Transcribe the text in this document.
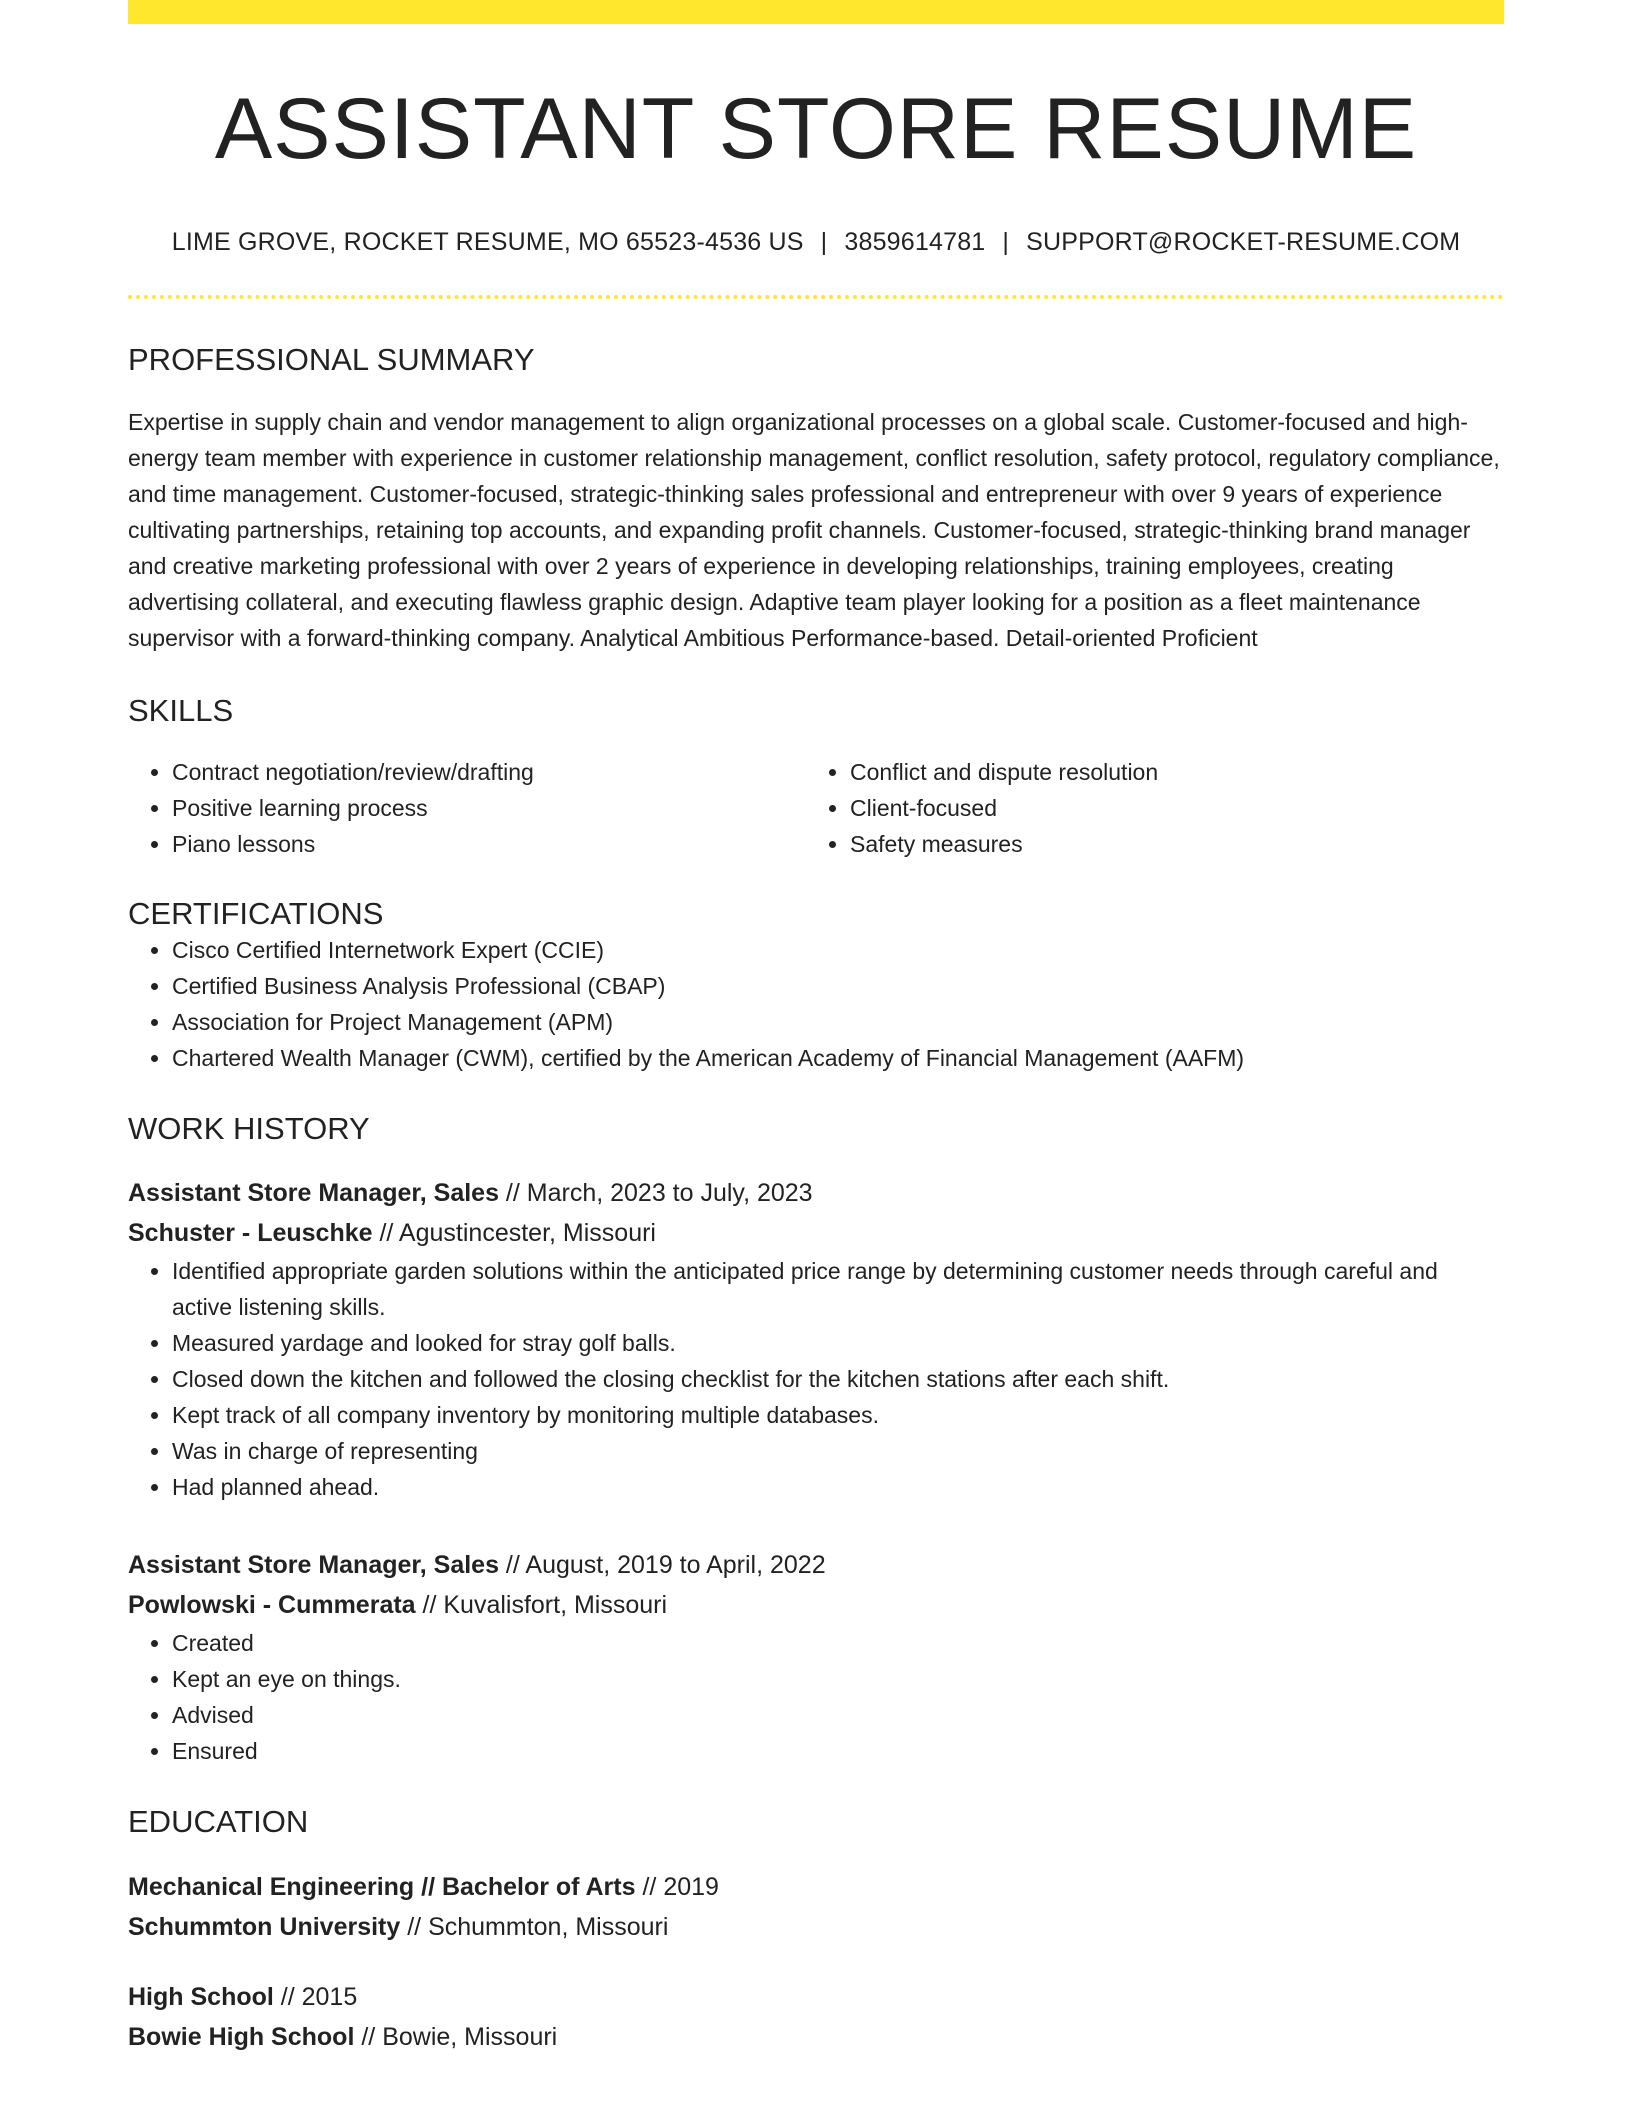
ASSISTANT STORE RESUME
LIME GROVE, ROCKET RESUME, MO 65523-4536 US | 3859614781 | SUPPORT@ROCKET-RESUME.COM
PROFESSIONAL SUMMARY

Expertise in supply chain and vendor management to align organizational processes on a global scale. Customer-focused and high-energy team member with experience in customer relationship management, conflict resolution, safety protocol, regulatory compliance, and time management. Customer-focused, strategic-thinking sales professional and entrepreneur with over 9 years of experience cultivating partnerships, retaining top accounts, and expanding profit channels. Customer-focused, strategic-thinking brand manager and creative marketing professional with over 2 years of experience in developing relationships, training employees, creating advertising collateral, and executing flawless graphic design. Adaptive team player looking for a position as a fleet maintenance supervisor with a forward-thinking company. Analytical Ambitious Performance-based. Detail-oriented Proficient

SKILLS
• Contract negotiation/review/drafting
• Positive learning process
• Piano lessons
• Conflict and dispute resolution
• Client-focused
• Safety measures
CERTIFICATIONS
• Cisco Certified Internetwork Expert (CCIE)
• Certified Business Analysis Professional (CBAP)
• Association for Project Management (APM)
• Chartered Wealth Manager (CWM), certified by the American Academy of Financial Management (AAFM)
WORK HISTORY
Assistant Store Manager, Sales // March, 2023 to July, 2023
Schuster - Leuschke // Agustincester, Missouri
• Identified appropriate garden solutions within the anticipated price range by determining customer needs through careful and active listening skills.
• Measured yardage and looked for stray golf balls.
• Closed down the kitchen and followed the closing checklist for the kitchen stations after each shift.
• Kept track of all company inventory by monitoring multiple databases.
• Was in charge of representing
• Had planned ahead.
Assistant Store Manager, Sales // August, 2019 to April, 2022
Powlowski - Cummerata // Kuvalisfort, Missouri
• Created
• Kept an eye on things.
• Advised
• Ensured
EDUCATION
Mechanical Engineering // Bachelor of Arts // 2019
Schummton University // Schummton, Missouri
High School // 2015
Bowie High School // Bowie, Missouri
